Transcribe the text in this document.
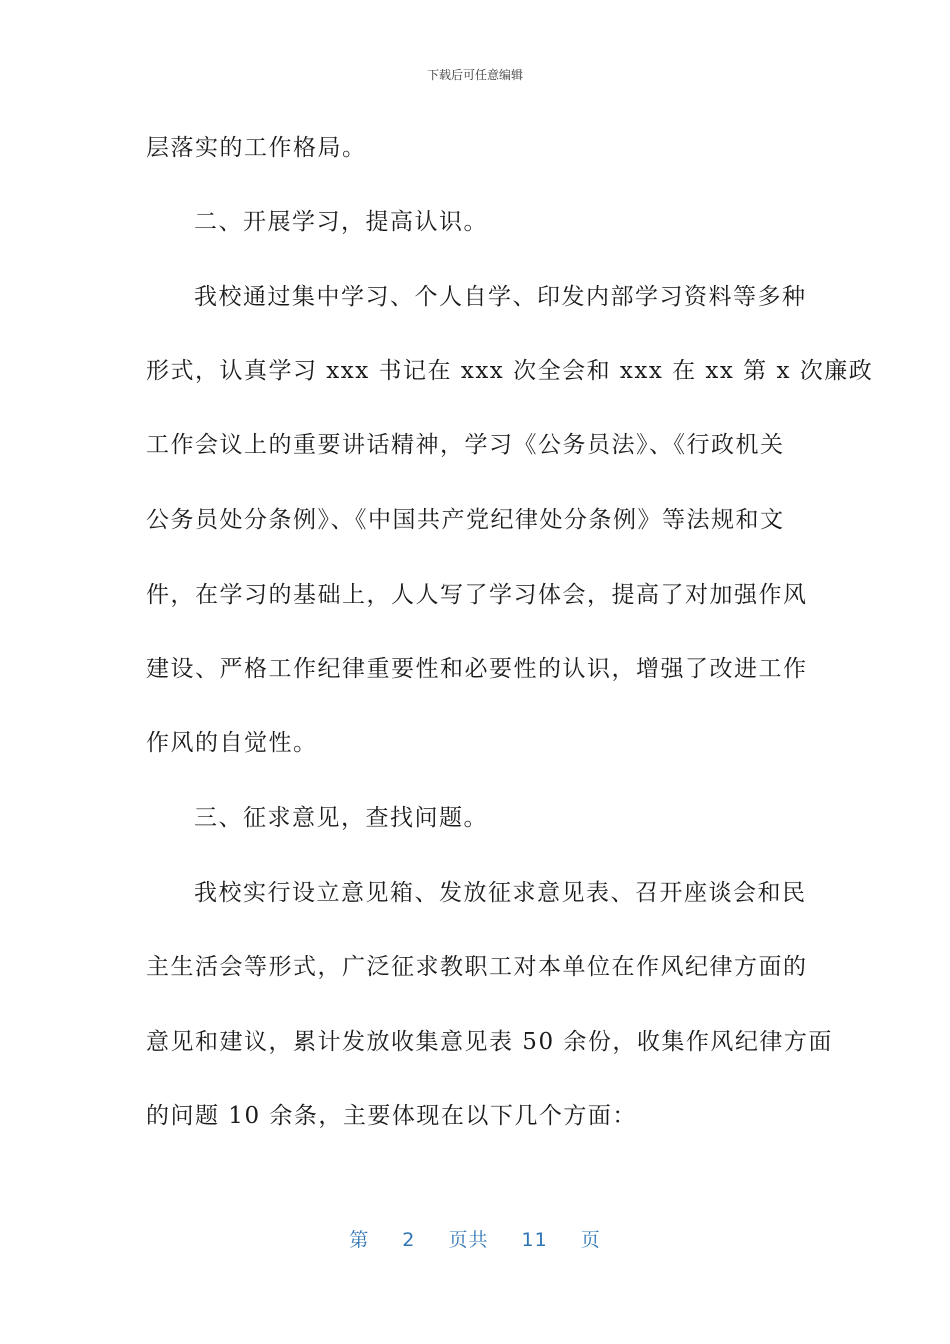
下载后可任意编辑
层落实的工作格局。
二、开展学习，提高认识。
我校通过集中学习、个人自学、印发内部学习资料等多种
形式，认真学习 xxx 书记在 xxx 次全会和 xxx 在 xx 第 x 次廉政
工作会议上的重要讲话精神，学习《公务员法》、《行政机关
公务员处分条例》、《中国共产党纪律处分条例》等法规和文
件，在学习的基础上，人人写了学习体会，提高了对加强作风
建设、严格工作纪律重要性和必要性的认识，增强了改进工作
作风的自觉性。
三、征求意见，查找问题。
我校实行设立意见箱、发放征求意见表、召开座谈会和民
主生活会等形式，广泛征求教职工对本单位在作风纪律方面的
意见和建议，累计发放收集意见表 50 余份，收集作风纪律方面
的问题 10 余条，主要体现在以下几个方面：
第 2 页共 11 页
